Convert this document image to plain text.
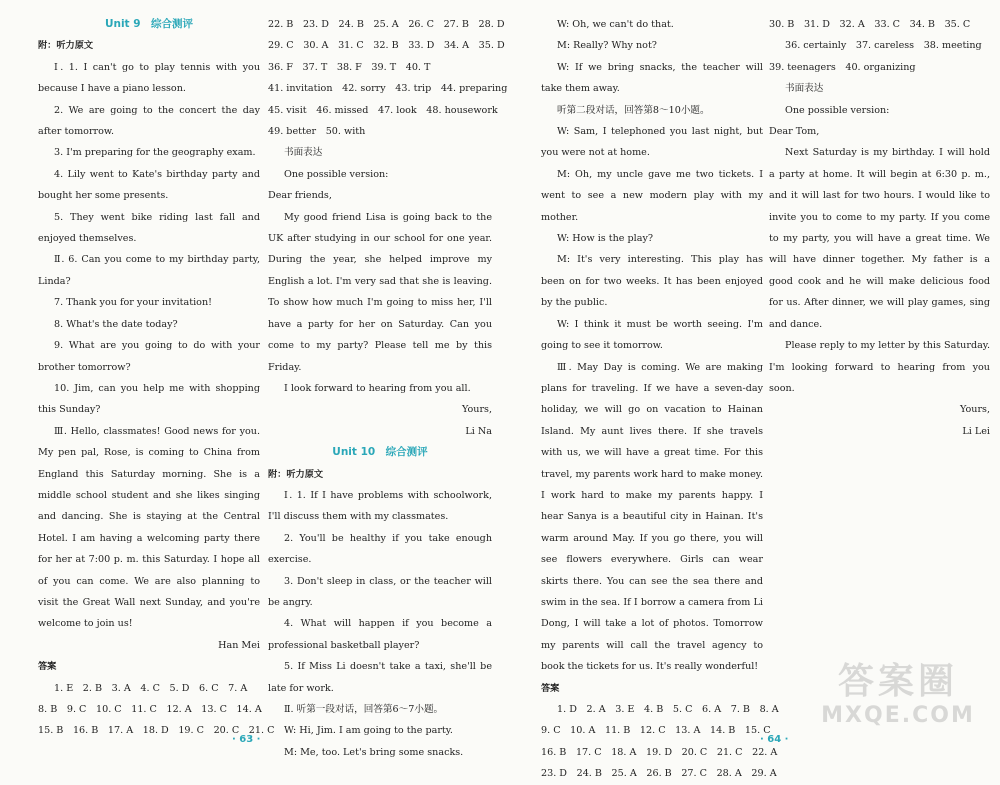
Unit 9　综合测评

附：听力原文

Ⅰ. 1. I can't go to play tennis with you because I have a piano lesson.

2. We are going to the concert the day after tomorrow.

3. I'm preparing for the geography exam.

4. Lily went to Kate's birthday party and bought her some presents.

5. They went bike riding last fall and enjoyed themselves.

Ⅱ. 6. Can you come to my birthday party, Linda?

7. Thank you for your invitation!

8. What's the date today?

9. What are you going to do with your brother tomorrow?

10. Jim, can you help me with shopping this Sunday?

Ⅲ. Hello, classmates! Good news for you. My pen pal, Rose, is coming to China from England this Saturday morning. She is a middle school student and she likes singing and dancing. She is staying at the Central Hotel. I am having a welcoming party there for her at 7:00 p. m. this Saturday. I hope all of you can come. We are also planning to visit the Great Wall next Sunday, and you're welcome to join us!

Han Mei

答案

1. E　2. B　3. A　4. C　5. D　6. C　7. A

8. B　9. C　10. C　11. C　12. A　13. C　14. A

15. B　16. B　17. A　18. D　19. C　20. C　21. C

22. B　23. D　24. B　25. A　26. C　27. B　28. D

29. C　30. A　31. C　32. B　33. D　34. A　35. D

36. F　37. T　38. F　39. T　40. T

41. invitation　42. sorry　43. trip　44. preparing

45. visit　46. missed　47. look　48. housework

49. better　50. with

书面表达

One possible version:

Dear friends,

My good friend Lisa is going back to the UK after studying in our school for one year. During the year, she helped improve my English a lot. I'm very sad that she is leaving. To show how much I'm going to miss her, I'll have a party for her on Saturday. Can you come to my party? Please tell me by this Friday.

I look forward to hearing from you all.

Yours,

Li Na

Unit 10　综合测评

附：听力原文

Ⅰ. 1. If I have problems with schoolwork, I'll discuss them with my classmates.

2. You'll be healthy if you take enough exercise.

3. Don't sleep in class, or the teacher will be angry.

4. What will happen if you become a professional basketball player?

5. If Miss Li doesn't take a taxi, she'll be late for work.

Ⅱ. 听第一段对话，回答第6～7小题。

W: Hi, Jim. I am going to the party.

M: Me, too. Let's bring some snacks.

W: Oh, we can't do that.

M: Really? Why not?

W: If we bring snacks, the teacher will take them away.

听第二段对话，回答第8～10小题。

W: Sam, I telephoned you last night, but you were not at home.

M: Oh, my uncle gave me two tickets. I went to see a new modern play with my mother.

W: How is the play?

M: It's very interesting. This play has been on for two weeks. It has been enjoyed by the public.

W: I think it must be worth seeing. I'm going to see it tomorrow.

Ⅲ. May Day is coming. We are making plans for traveling. If we have a seven-day holiday, we will go on vacation to Hainan Island. My aunt lives there. If she travels with us, we will have a great time. For this travel, my parents work hard to make money. I work hard to make my parents happy. I hear Sanya is a beautiful city in Hainan. It's warm around May. If you go there, you will see flowers everywhere. Girls can wear skirts there. You can see the sea there and swim in the sea. If I borrow a camera from Li Dong, I will take a lot of photos. Tomorrow my parents will call the travel agency to book the tickets for us. It's really wonderful!

答案

1. D　2. A　3. E　4. B　5. C　6. A　7. B　8. A

9. C　10. A　11. B　12. C　13. A　14. B　15. C

16. B　17. C　18. A　19. D　20. C　21. C　22. A

23. D　24. B　25. A　26. B　27. C　28. A　29. A

30. B　31. D　32. A　33. C　34. B　35. C

36. certainly　37. careless　38. meeting

39. teenagers　40. organizing

书面表达

One possible version:

Dear Tom,

Next Saturday is my birthday. I will hold a party at home. It will begin at 6:30 p. m., and it will last for two hours. I would like to invite you to come to my party. If you come to my party, you will have a great time. We will have dinner together. My father is a good cook and he will make delicious food for us. After dinner, we will play games, sing and dance.

Please reply to my letter by this Saturday. I'm looking forward to hearing from you soon.

Yours,

Li Lei

· 63 ·	· 64 ·
答案圈
MXQE.COM
